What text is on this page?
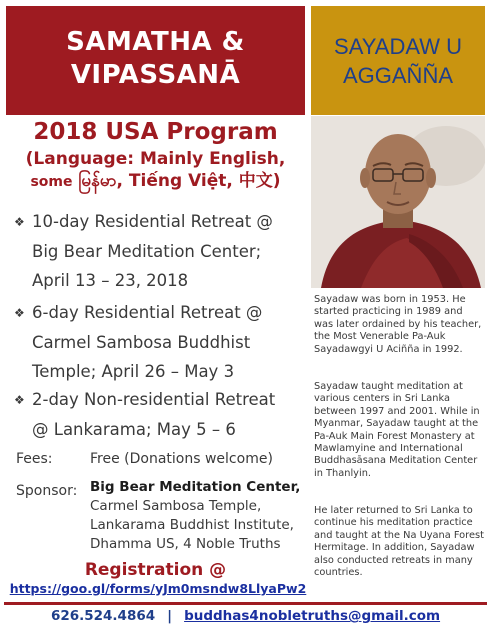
SAMATHA &
VIPASSANĀ
SAYADAW U
AGGAÑÑA
2018 USA Program
(Language: Mainly English,
some မြန်မာ, Tiếng Việt, 中文)
❖ 10-day Residential Retreat @
Big Bear Meditation Center;
April 13 – 23, 2018
❖ 6-day Residential Retreat @
Carmel Sambosa Buddhist
Temple; April 26 – May 3
❖ 2-day Non-residential Retreat
@ Lankarama; May 5 – 6
Fees:	Free (Donations welcome)
Sponsor: Big Bear Meditation Center,
Carmel Sambosa Temple,
Lankarama Buddhist Institute,
Dhamma US, 4 Noble Truths
Registration @
https://goo.gl/forms/yJm0msndw8LlyaPw2
Sayadaw was born in 1953. He started practicing in 1989 and was later ordained by his teacher, the Most Venerable Pa-Auk Sayadawgyi U Aciñña in 1992.
Sayadaw taught meditation at various centers in Sri Lanka between 1997 and 2001. While in Myanmar, Sayadaw taught at the Pa-Auk Main Forest Monastery at Mawlamyine and International Buddhasāsana Meditation Center in Thanlyin.
He later returned to Sri Lanka to continue his meditation practice and taught at the Na Uyana Forest Hermitage. In addition, Sayadaw also conducted retreats in many countries.
626.524.4864 | buddhas4nobletruths@gmail.com
